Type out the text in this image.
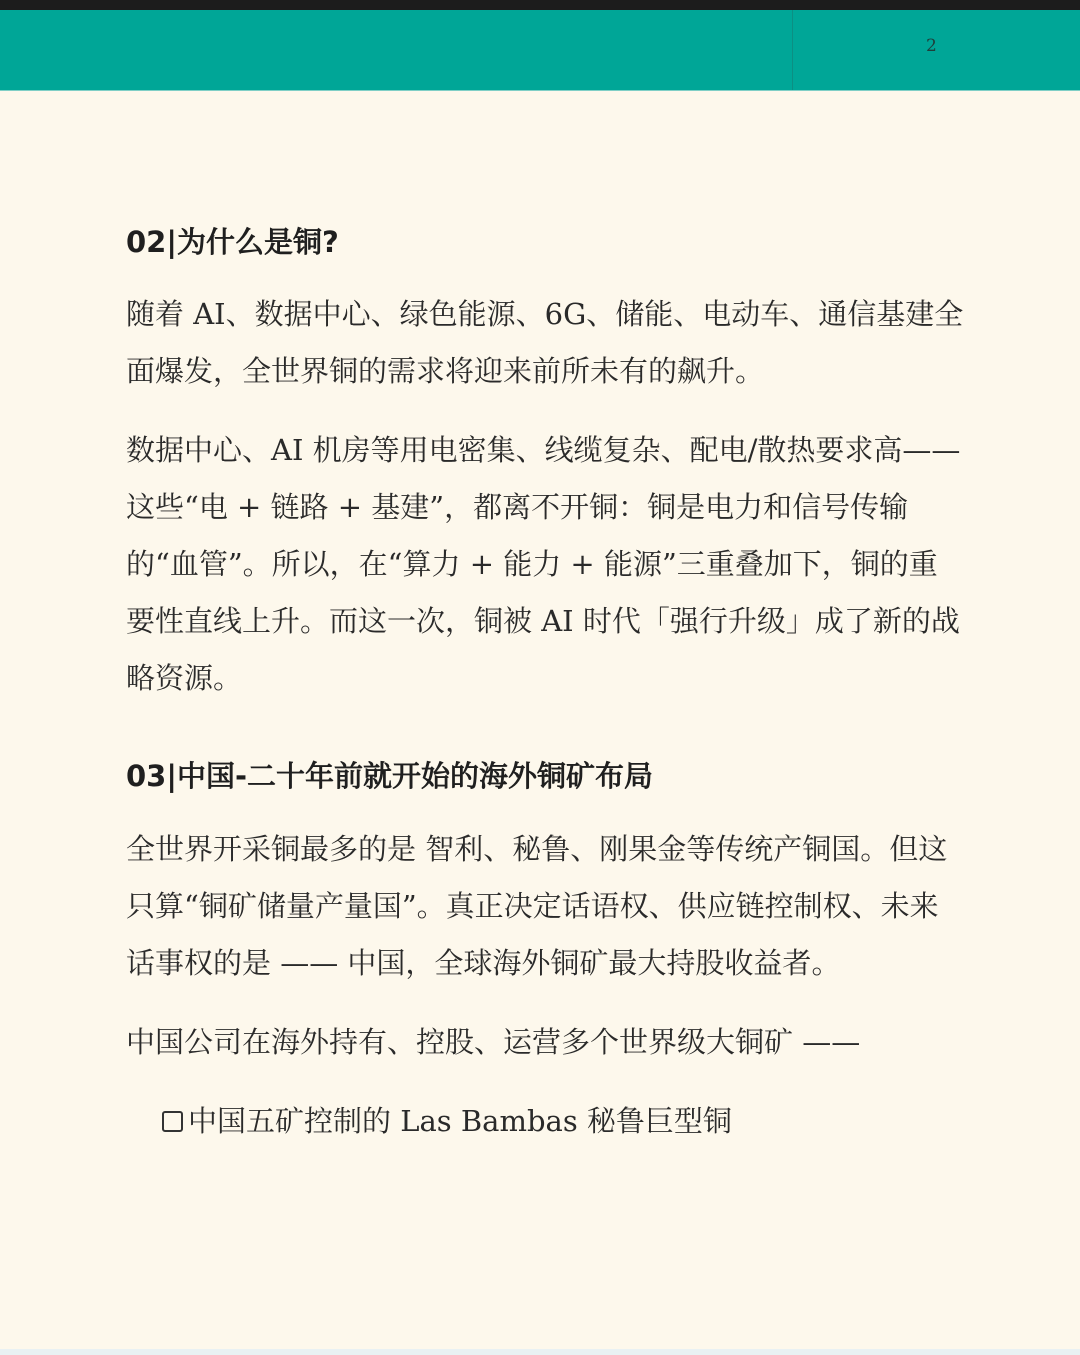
2
02|为什么是铜?

随着 AI、数据中心、绿色能源、6G、储能、电动车、通信基建全面爆发，全世界铜的需求将迎来前所未有的飙升。

数据中心、AI 机房等用电密集、线缆复杂、配电/散热要求高——这些“电 + 链路 + 基建”，都离不开铜：铜是电力和信号传输的“血管”。所以，在“算力 + 能力 + 能源”三重叠加下，铜的重要性直线上升。而这一次，铜被 AI 时代「强行升级」成了新的战略资源。

03|中国-二十年前就开始的海外铜矿布局

全世界开采铜最多的是 智利、秘鲁、刚果金等传统产铜国。但这只算“铜矿储量产量国”。真正决定话语权、供应链控制权、未来话事权的是 —— 中国，全球海外铜矿最大持股收益者。

中国公司在海外持有、控股、运营多个世界级大铜矿 ——

中国五矿控制的 Las Bambas 秘鲁巨型铜
